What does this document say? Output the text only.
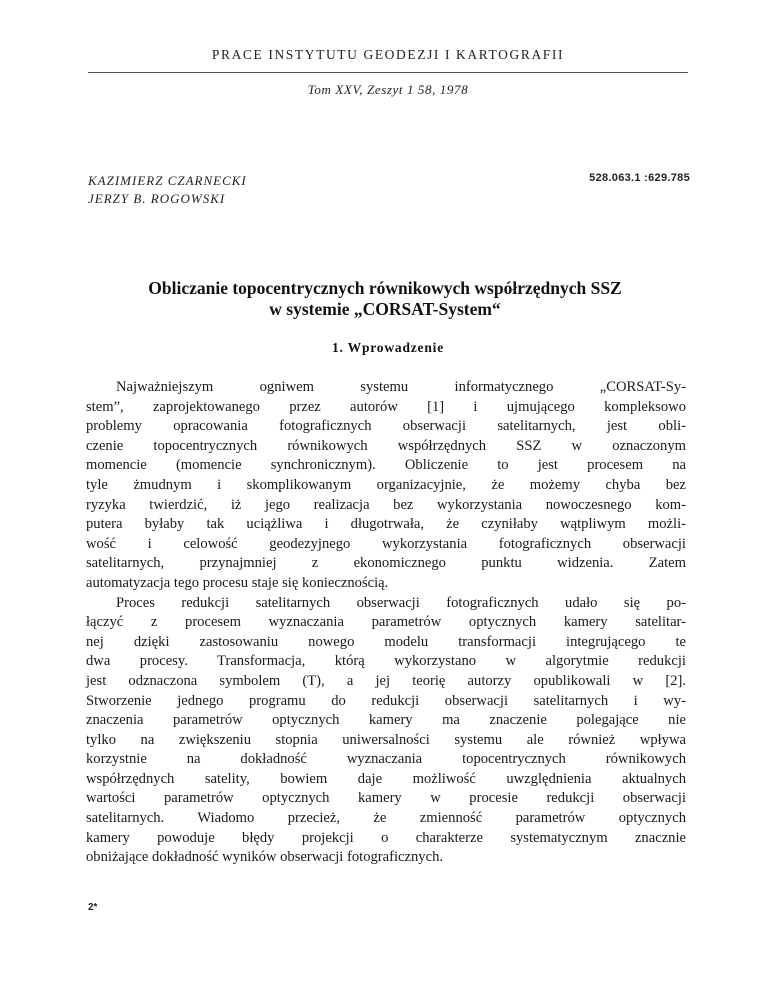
PRACE INSTYTUTU GEODEZJI I KARTOGRAFII
Tom XXV, Zeszyt 1 58, 1978
KAZIMIERZ CZARNECKI
JERZY B. ROGOWSKI
528.063.1 :629.785
Obliczanie topocentrycznych równikowych współrzędnych SSZ
w systemie „CORSAT-System“
1. Wprowadzenie
Najważniejszym ogniwem systemu informatycznego „CORSAT-Sy-
stem”, zaprojektowanego przez autorów [1] i ujmującego kompleksowo
problemy opracowania fotograficznych obserwacji satelitarnych, jest obli-
czenie topocentrycznych równikowych współrzędnych SSZ w oznaczonym
momencie (momencie synchronicznym). Obliczenie to jest procesem na
tyle żmudnym i skomplikowanym organizacyjnie, że możemy chyba bez
ryzyka twierdzić, iż jego realizacja bez wykorzystania nowoczesnego kom-
putera byłaby tak uciążliwa i długotrwała, że czyniłaby wątpliwym możli-
wość i celowość geodezyjnego wykorzystania fotograficznych obserwacji
satelitarnych, przynajmniej z ekonomicznego punktu widzenia. Zatem
automatyzacja tego procesu staje się koniecznością.
Proces redukcji satelitarnych obserwacji fotograficznych udało się po-
łączyć z procesem wyznaczania parametrów optycznych kamery satelitar-
nej dzięki zastosowaniu nowego modelu transformacji integrującego te
dwa procesy. Transformacja, którą wykorzystano w algorytmie redukcji
jest odznaczona symbolem (T), a jej teorię autorzy opublikowali w [2].
Stworzenie jednego programu do redukcji obserwacji satelitarnych i wy-
znaczenia parametrów optycznych kamery ma znaczenie polegające nie
tylko na zwiększeniu stopnia uniwersalności systemu ale również wpływa
korzystnie na dokładność wyznaczania topocentrycznych równikowych
współrzędnych satelity, bowiem daje możliwość uwzględnienia aktualnych
wartości parametrów optycznych kamery w procesie redukcji obserwacji
satelitarnych. Wiadomo przecież, że zmienność parametrów optycznych
kamery powoduje błędy projekcji o charakterze systematycznym znacznie
obniżające dokładność wyników obserwacji fotograficznych.
2*
